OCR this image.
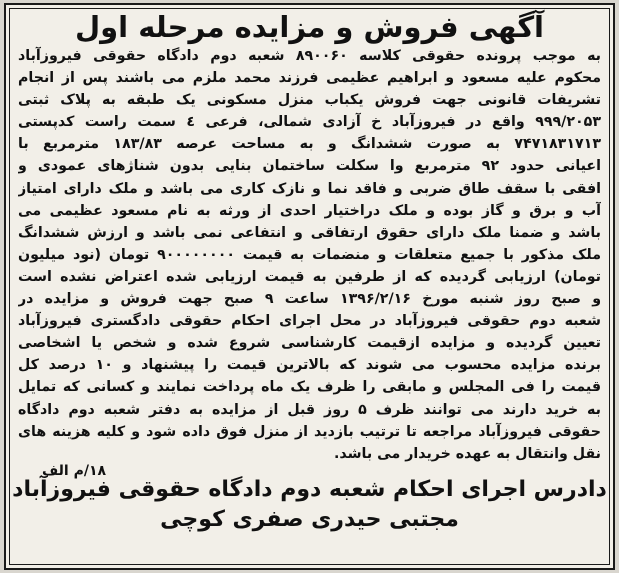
آگهی فروش و مزایده مرحله اول
به موجب پرونده حقوقی کلاسه ۸۹۰۰۶۰ شعبه دوم دادگاه حقوقی فیروزآباد
محکوم علیه مسعود و ابراهیم عظیمی فرزند محمد ملزم می باشند پس از انجام
تشریفات قانونی جهت فروش یکباب منزل مسکونی یک طبقه به پلاک ثبتی
۹۹۹/۲۰۵۳ واقع در فیروزآباد خ آزادی شمالی، فرعی ٤ سمت راست کدپستی
۷۴۷۱۸۳۱۷۱۳ به صورت ششدانگ و به مساحت عرصه ۱۸۳/۸۳ مترمربع با
اعیانی حدود ۹۲ مترمربع وا سکلت ساختمان بنایی بدون شناژهای عمودی و
افقی با سقف طاق ضربی و فاقد نما و نازک کاری می باشد و ملک دارای امتیاز
آب و برق و گاز بوده و ملک دراختیار احدی از ورثه به نام مسعود عظیمی می
باشد و ضمنا ملک دارای حقوق ارتفاقی و انتفاعی نمی باشد و ارزش ششدانگ
ملک مذکور با جمیع متعلقات و منضمات به قیمت ۹۰۰۰۰۰۰۰۰ تومان (نود میلیون
تومان) ارزیابی گردیده که از طرفین به قیمت ارزیابی شده اعتراض نشده است
و صبح روز شنبه مورخ ۱۳۹۶/۲/۱۶ ساعت ۹ صبح جهت فروش و مزایده در
شعبه دوم حقوقی فیروزآباد در محل اجرای احکام حقوقی دادگستری فیروزآباد
تعیین گردیده و مزایده ازقیمت کارشناسی شروع شده و شخص یا اشخاصی
برنده مزایده محسوب می شوند که بالاترین قیمت را پیشنهاد و ۱۰ درصد کل
قیمت را فی المجلس و مابقی را ظرف یک ماه پرداخت نمایند و کسانی که تمایل
به خرید دارند می توانند ظرف ۵ روز قبل از مزایده به دفتر شعبه دوم دادگاه
حقوقی فیروزآباد مراجعه تا ترتیب بازدید از منزل فوق داده شود و کلیه هزینه های
نقل وانتقال به عهده خریدار می باشد.
۱۸/م الف
دادرس اجرای احکام شعبه دوم دادگاه حقوقی فیروزآباد
مجتبی حیدری صفری کوچی
